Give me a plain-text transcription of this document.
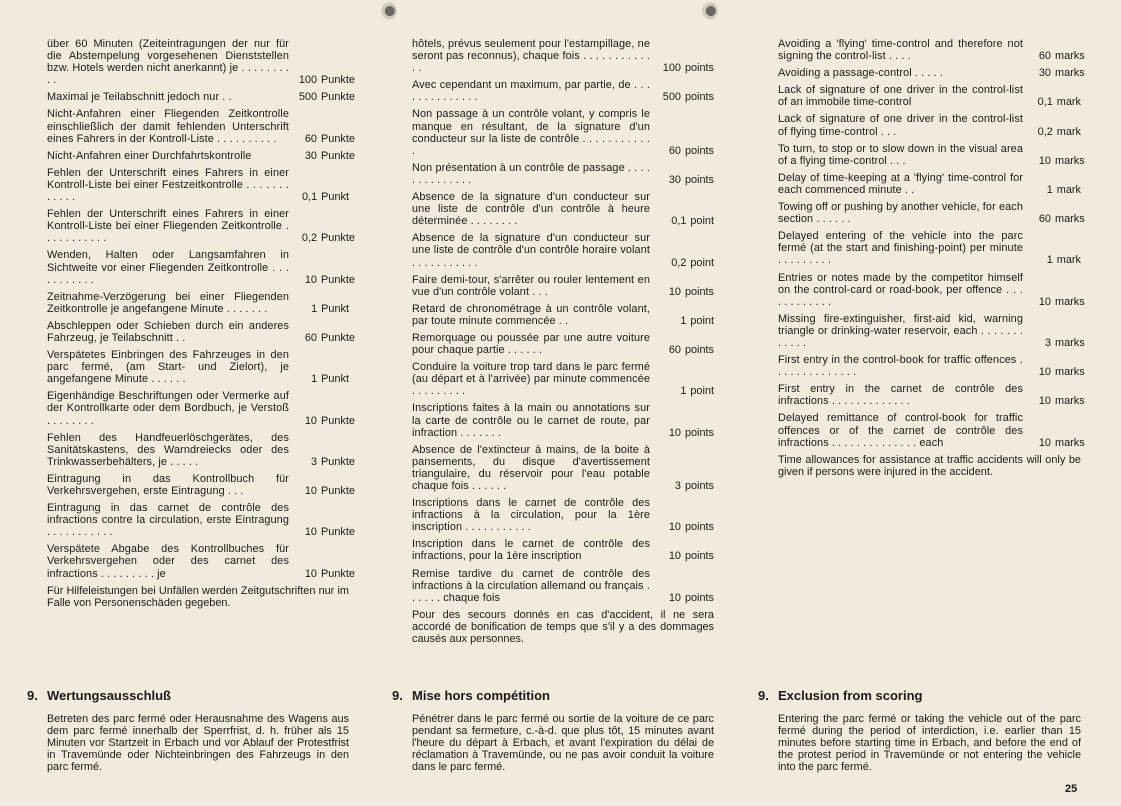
über 60 Minuten (Zeiteintragungen der nur für die Abstempelung vorgesehenen Dienststellen bzw. Hotels werden nicht anerkannt) je . . . . . . . . . .	100 Punkte
Maximal je Teilabschnitt jedoch nur . .	500 Punkte
Nicht-Anfahren einer Fliegenden Zeitkontrolle einschließlich der damit fehlenden Unterschrift eines Fahrers in der Kontroll-Liste . . . . . . . . . .	60 Punkte
Nicht-Anfahren einer Durchfahrtskontrolle	30 Punkte
Fehlen der Unterschrift eines Fahrers in einer Kontroll-Liste bei einer Festzeitkontrolle . . . . . . . . . . . .	0,1 Punkt
Fehlen der Unterschrift eines Fahrers in einer Kontroll-Liste bei einer Fliegenden Zeitkontrolle . . . . . . . . . . .	0,2 Punkte
Wenden, Halten oder Langsamfahren in Sichtweite vor einer Fliegenden Zeitkontrolle . . . . . . . . . . .	10 Punkte
Zeitnahme-Verzögerung bei einer Fliegenden Zeitkontrolle je angefangene Minute . . . . . . .	1 Punkt
Abschleppen oder Schieben durch ein anderes Fahrzeug, je Teilabschnitt . .	60 Punkte
Verspätetes Einbringen des Fahrzeuges in den parc fermé, (am Start- und Zielort), je angefangene Minute . . . . . .	1 Punkt
Eigenhändige Beschriftungen oder Vermerke auf der Kontrollkarte oder dem Bordbuch, je Verstoß . . . . . . . .	10 Punkte
Fehlen des Handfeuerlöschgerätes, des Sanitätskastens, des Warndreiecks oder des Trinkwasserbehälters, je . . . . .	3 Punkte
Eintragung in das Kontrollbuch für Verkehrsvergehen, erste Eintragung . . .	10 Punkte
Eintragung in das carnet de contrôle des infractions contre la circulation, erste Eintragung . . . . . . . . . . .	10 Punkte
Verspätete Abgabe des Kontrollbuches für Verkehrsvergehen oder des carnet des infractions . . . . . . . . . je	10 Punkte
Für Hilfeleistungen bei Unfällen werden Zeitgutschriften nur im Falle von Personenschäden gegeben.
hôtels, prévus seulement pour l'estampillage, ne seront pas reconnus), chaque fois . . . . . . . . . . . . .	100 points
Avec cependant un maximum, par partie, de . . . . . . . . . . . . . .	500 points
Non passage à un contrôle volant, y compris le manque en résultant, de la signature d'un conducteur sur la liste de contrôle . . . . . . . . . . . .	60 points
Non présentation à un contrôle de passage . . . . . . . . . . . . . .	30 points
Absence de la signature d'un conducteur sur une liste de contrôle d'un contrôle à heure déterminée . . . . . . . .	0,1 point
Absence de la signature d'un conducteur sur une liste de contrôle d'un contrôle horaire volant . . . . . . . . . . .	0,2 point
Faire demi-tour, s'arrêter ou rouler lentement en vue d'un contrôle volant . . .	10 points
Retard de chronométrage à un contrôle volant, par toute minute commencée . .	1 point
Remorquage ou poussée par une autre voiture pour chaque partie . . . . . .	60 points
Conduire la voiture trop tard dans le parc fermé (au départ et à l'arrivée) par minute commencée . . . . . . . . .	1 point
Inscriptions faites à la main ou annotations sur la carte de contrôle ou le carnet de route, par infraction . . . . . . .	10 points
Absence de l'extincteur à mains, de la boite à pansements, du disque d'avertissement triangulaire, du réservoir pour l'eau potable chaque fois . . . . . .	3 points
Inscriptions dans le carnet de contrôle des infractions à la circulation, pour la 1ère inscription . . . . . . . . . . .	10 points
Inscription dans le carnet de contrôle des infractions, pour la 1ère inscription	10 points
Remise tardive du carnet de contrôle des infractions à la circulation allemand ou français . . . . . . chaque fois	10 points
Pour des secours donnés en cas d'accident, il ne sera accordé de bonification de temps que s'il y a des dommages causés aux personnes.
Avoiding a 'flying' time-control and therefore not signing the control-list . . . .	60 marks
Avoiding a passage-control . . . . .	30 marks
Lack of signature of one driver in the control-list of an immobile time-control	0,1 mark
Lack of signature of one driver in the control-list of flying time-control . . .	0,2 mark
To turn, to stop or to slow down in the visual area of a flying time-control . . .	10 marks
Delay of time-keeping at a 'flying' time-control for each commenced minute . .	1 mark
Towing off or pushing by another vehicle, for each section . . . . . .	60 marks
Delayed entering of the vehicle into the parc fermé (at the start and finishing-point) per minute . . . . . . . . .	1 mark
Entries or notes made by the competitor himself on the control-card or road-book, per offence . . . . . . . . . . . .	10 marks
Missing fire-extinguisher, first-aid kid, warning triangle or drinking-water reservoir, each . . . . . . . . . . . .	3 marks
First entry in the control-book for traffic offences . . . . . . . . . . . . . .	10 marks
First entry in the carnet de contrôle des infractions . . . . . . . . . . . . .	10 marks
Delayed remittance of control-book for traffic offences or of the carnet de contrôle des infractions . . . . . . . . . . . . . . each	10 marks
Time allowances for assistance at traffic accidents will only be given if persons were injured in the accident.
9. Wertungsausschluß
Betreten des parc fermé oder Herausnahme des Wagens aus dem parc fermé innerhalb der Sperrfrist, d. h. früher als 15 Minuten vor Startzeit in Erbach und vor Ablauf der Protestfrist in Travemünde oder Nichteinbringen des Fahrzeugs in den parc fermé.
9. Mise hors compétition
Pénétrer dans le parc fermé ou sortie de la voiture de ce parc pendant sa fermeture, c.-à-d. que plus tôt, 15 minutes avant l'heure du départ à Erbach, et avant l'expiration du délai de réclamation à Travemünde, ou ne pas avoir conduit la voiture dans le parc fermé.
9. Exclusion from scoring
Entering the parc fermé or taking the vehicle out of the parc fermé during the period of interdiction, i.e. earlier than 15 minutes before starting time in Erbach, and before the end of the protest period in Travemünde or not entering the vehicle into the parc fermé.
25
